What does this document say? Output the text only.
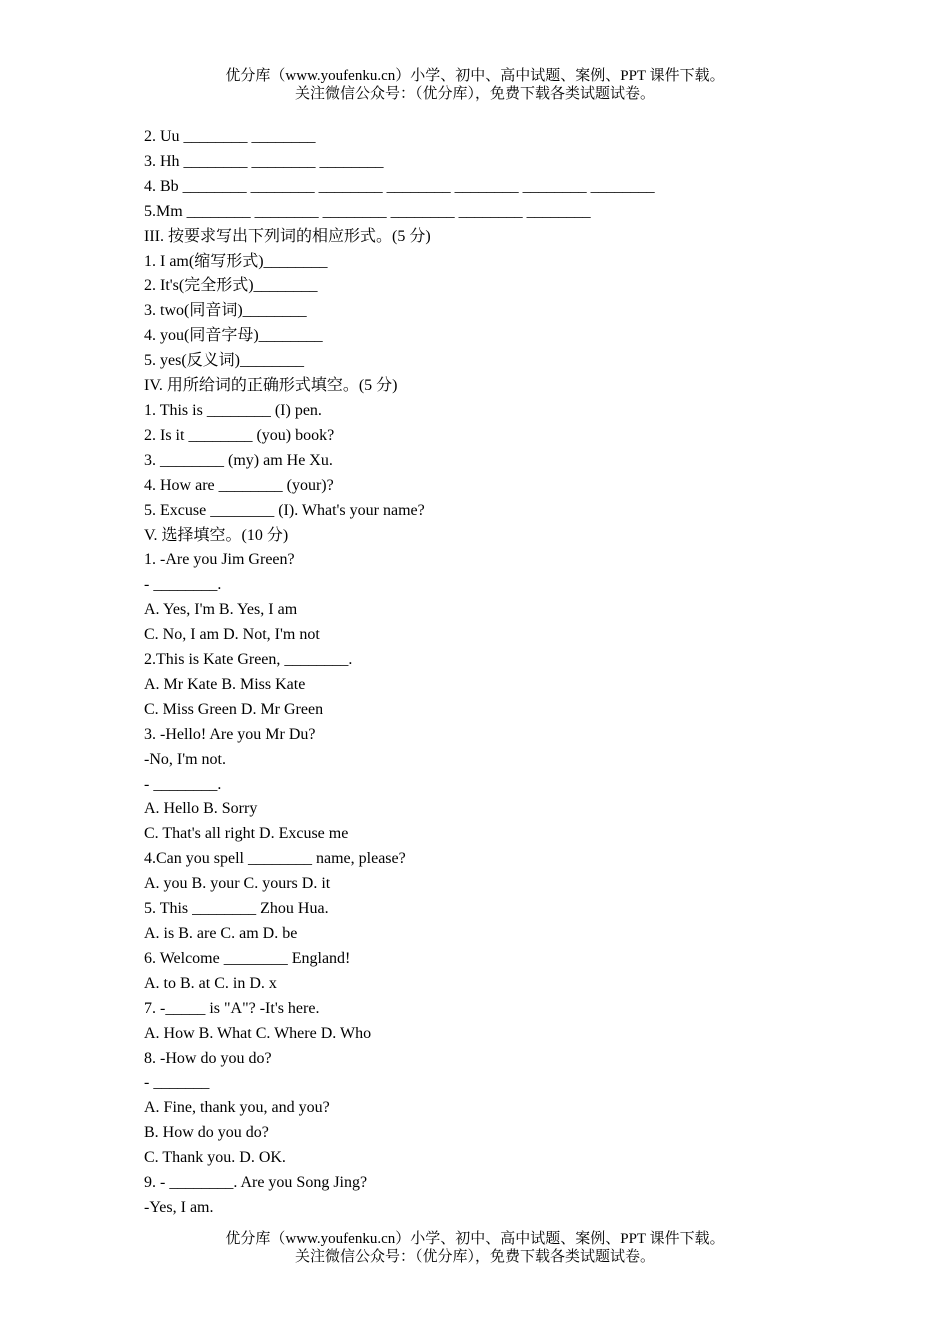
优分库（www.youfenku.cn）小学、初中、高中试题、案例、PPT 课件下载。
关注微信公众号：（优分库），免费下载各类试题试卷。
2. Uu ________ ________
3. Hh ________ ________ ________
4. Bb ________ ________ ________ ________ ________ ________ ________
5.Mm ________ ________ ________ ________ ________ ________
III. 按要求写出下列词的相应形式。(5 分)
1. I am(缩写形式)________
2. It's(完全形式)________
3. two(同音词)________
4. you(同音字母)________
5. yes(反义词)________
IV. 用所给词的正确形式填空。(5 分)
1. This is ________ (I) pen.
2. Is it ________ (you) book?
3. ________ (my) am He Xu.
4. How are ________ (your)?
5. Excuse ________ (I). What's your name?
V. 选择填空。(10 分)
1. -Are you Jim Green?
- ________.
A. Yes, I'm B. Yes, I am
C. No, I am D. Not, I'm not
2.This is Kate Green, ________.
A. Mr Kate B. Miss Kate
C. Miss Green D. Mr Green
3. -Hello! Are you Mr Du?
-No, I'm not.
- ________.
A. Hello B. Sorry
C. That's all right D. Excuse me
4.Can you spell ________ name, please?
A. you B. your C. yours D. it
5. This ________ Zhou Hua.
A. is B. are C. am D. be
6. Welcome ________ England!
A. to B. at C. in D. x
7. -_____ is "A"? -It's here.
A. How B. What C. Where D. Who
8. -How do you do?
- _______
A. Fine, thank you, and you?
B. How do you do?
C. Thank you. D. OK.
9. - ________. Are you Song Jing?
-Yes, I am.
优分库（www.youfenku.cn）小学、初中、高中试题、案例、PPT 课件下载。
关注微信公众号：（优分库），免费下载各类试题试卷。
